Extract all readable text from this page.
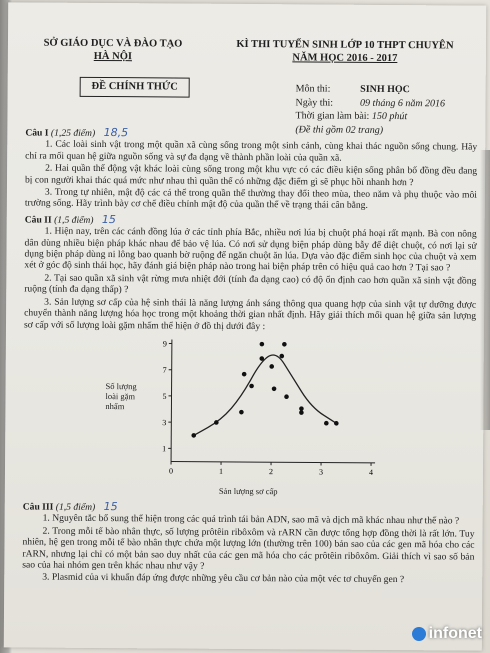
SỞ GIÁO DỤC VÀ ĐÀO TẠO
HÀ NỘI
KÌ THI TUYỂN SINH LỚP 10 THPT CHUYÊN
NĂM HỌC 2016 - 2017
ĐỀ CHÍNH THỨC	Môn thi:	SINH HỌC
Ngày thi:	09 tháng 6 năm 2016
Thời gian làm bài: 150 phút
(Đề thi gồm 02 trang)
Câu I (1,25 điểm) 18,5

1. Các loài sinh vật trong một quần xã cùng sống trong một sinh cảnh, cùng khai thác nguồn sống chung. Hãy chỉ ra mối quan hệ giữa nguồn sống và sự đa dạng về thành phần loài của quần xã.

2. Hai quần thể động vật khác loài cùng sống trong một khu vực có các điều kiện sống phân bố đồng đều đang bị con người khai thác quá mức như nhau thì quần thể có những đặc điểm gì sẽ phục hồi nhanh hơn ?

3. Trong tự nhiên, mật độ các cá thể trong quần thể thường thay đổi theo mùa, theo năm và phụ thuộc vào môi trường sống. Hãy trình bày cơ chế điều chỉnh mật độ của quần thể về trạng thái cân bằng.

Câu II (1,5 điểm) 15

1. Hiện nay, trên các cánh đồng lúa ở các tỉnh phía Bắc, nhiều nơi lúa bị chuột phá hoại rất mạnh. Bà con nông dân dùng nhiều biện pháp khác nhau để bảo vệ lúa. Có nơi sử dụng biện pháp dùng bẫy để diệt chuột, có nơi lại sử dụng biện pháp dùng ni lông bao quanh bờ ruộng để ngăn chuột ăn lúa. Dựa vào đặc điểm sinh học của chuột và xem xét ở góc độ sinh thái học, hãy đánh giá biện pháp nào trong hai biện pháp trên có hiệu quả cao hơn ? Tại sao ?

2. Tại sao quần xã sinh vật rừng mưa nhiệt đới (tính đa dạng cao) có độ ổn định cao hơn quần xã sinh vật đồng ruộng (tính đa dạng thấp) ?

3. Sản lượng sơ cấp của hệ sinh thái là năng lượng ánh sáng thông qua quang hợp của sinh vật tự dưỡng được chuyển thành năng lượng hóa học trong một khoảng thời gian nhất định. Hãy giải thích mối quan hệ giữa sản lượng sơ cấp với số lượng loài gặm nhấm thể hiện ở đồ thị dưới đây :

Số lượng loài gặm nhấm
0	1	2	3	4
1
3
5
7
9
Sản lượng sơ cấp
Câu III (1,5 điểm) 15

1. Nguyên tắc bổ sung thể hiện trong các quá trình tái bản ADN, sao mã và dịch mã khác nhau như thế nào ?

2. Trong mỗi tế bào nhân thực, số lượng prôtêin ribôxôm và rARN cần được tổng hợp đồng thời là rất lớn. Tuy nhiên, hệ gen trong mỗi tế bào nhân thực chứa một lượng lớn (thường trên 100) bản sao của các gen mã hóa cho các rARN, nhưng lại chỉ có một bản sao duy nhất của các gen mã hóa cho các prôtêin ribôxôm. Giải thích vì sao số bản sao của hai nhóm gen trên khác nhau như vậy ?

3. Plasmid của vi khuẩn đáp ứng được những yêu cầu cơ bản nào của một véc tơ chuyển gen ?

infonet
